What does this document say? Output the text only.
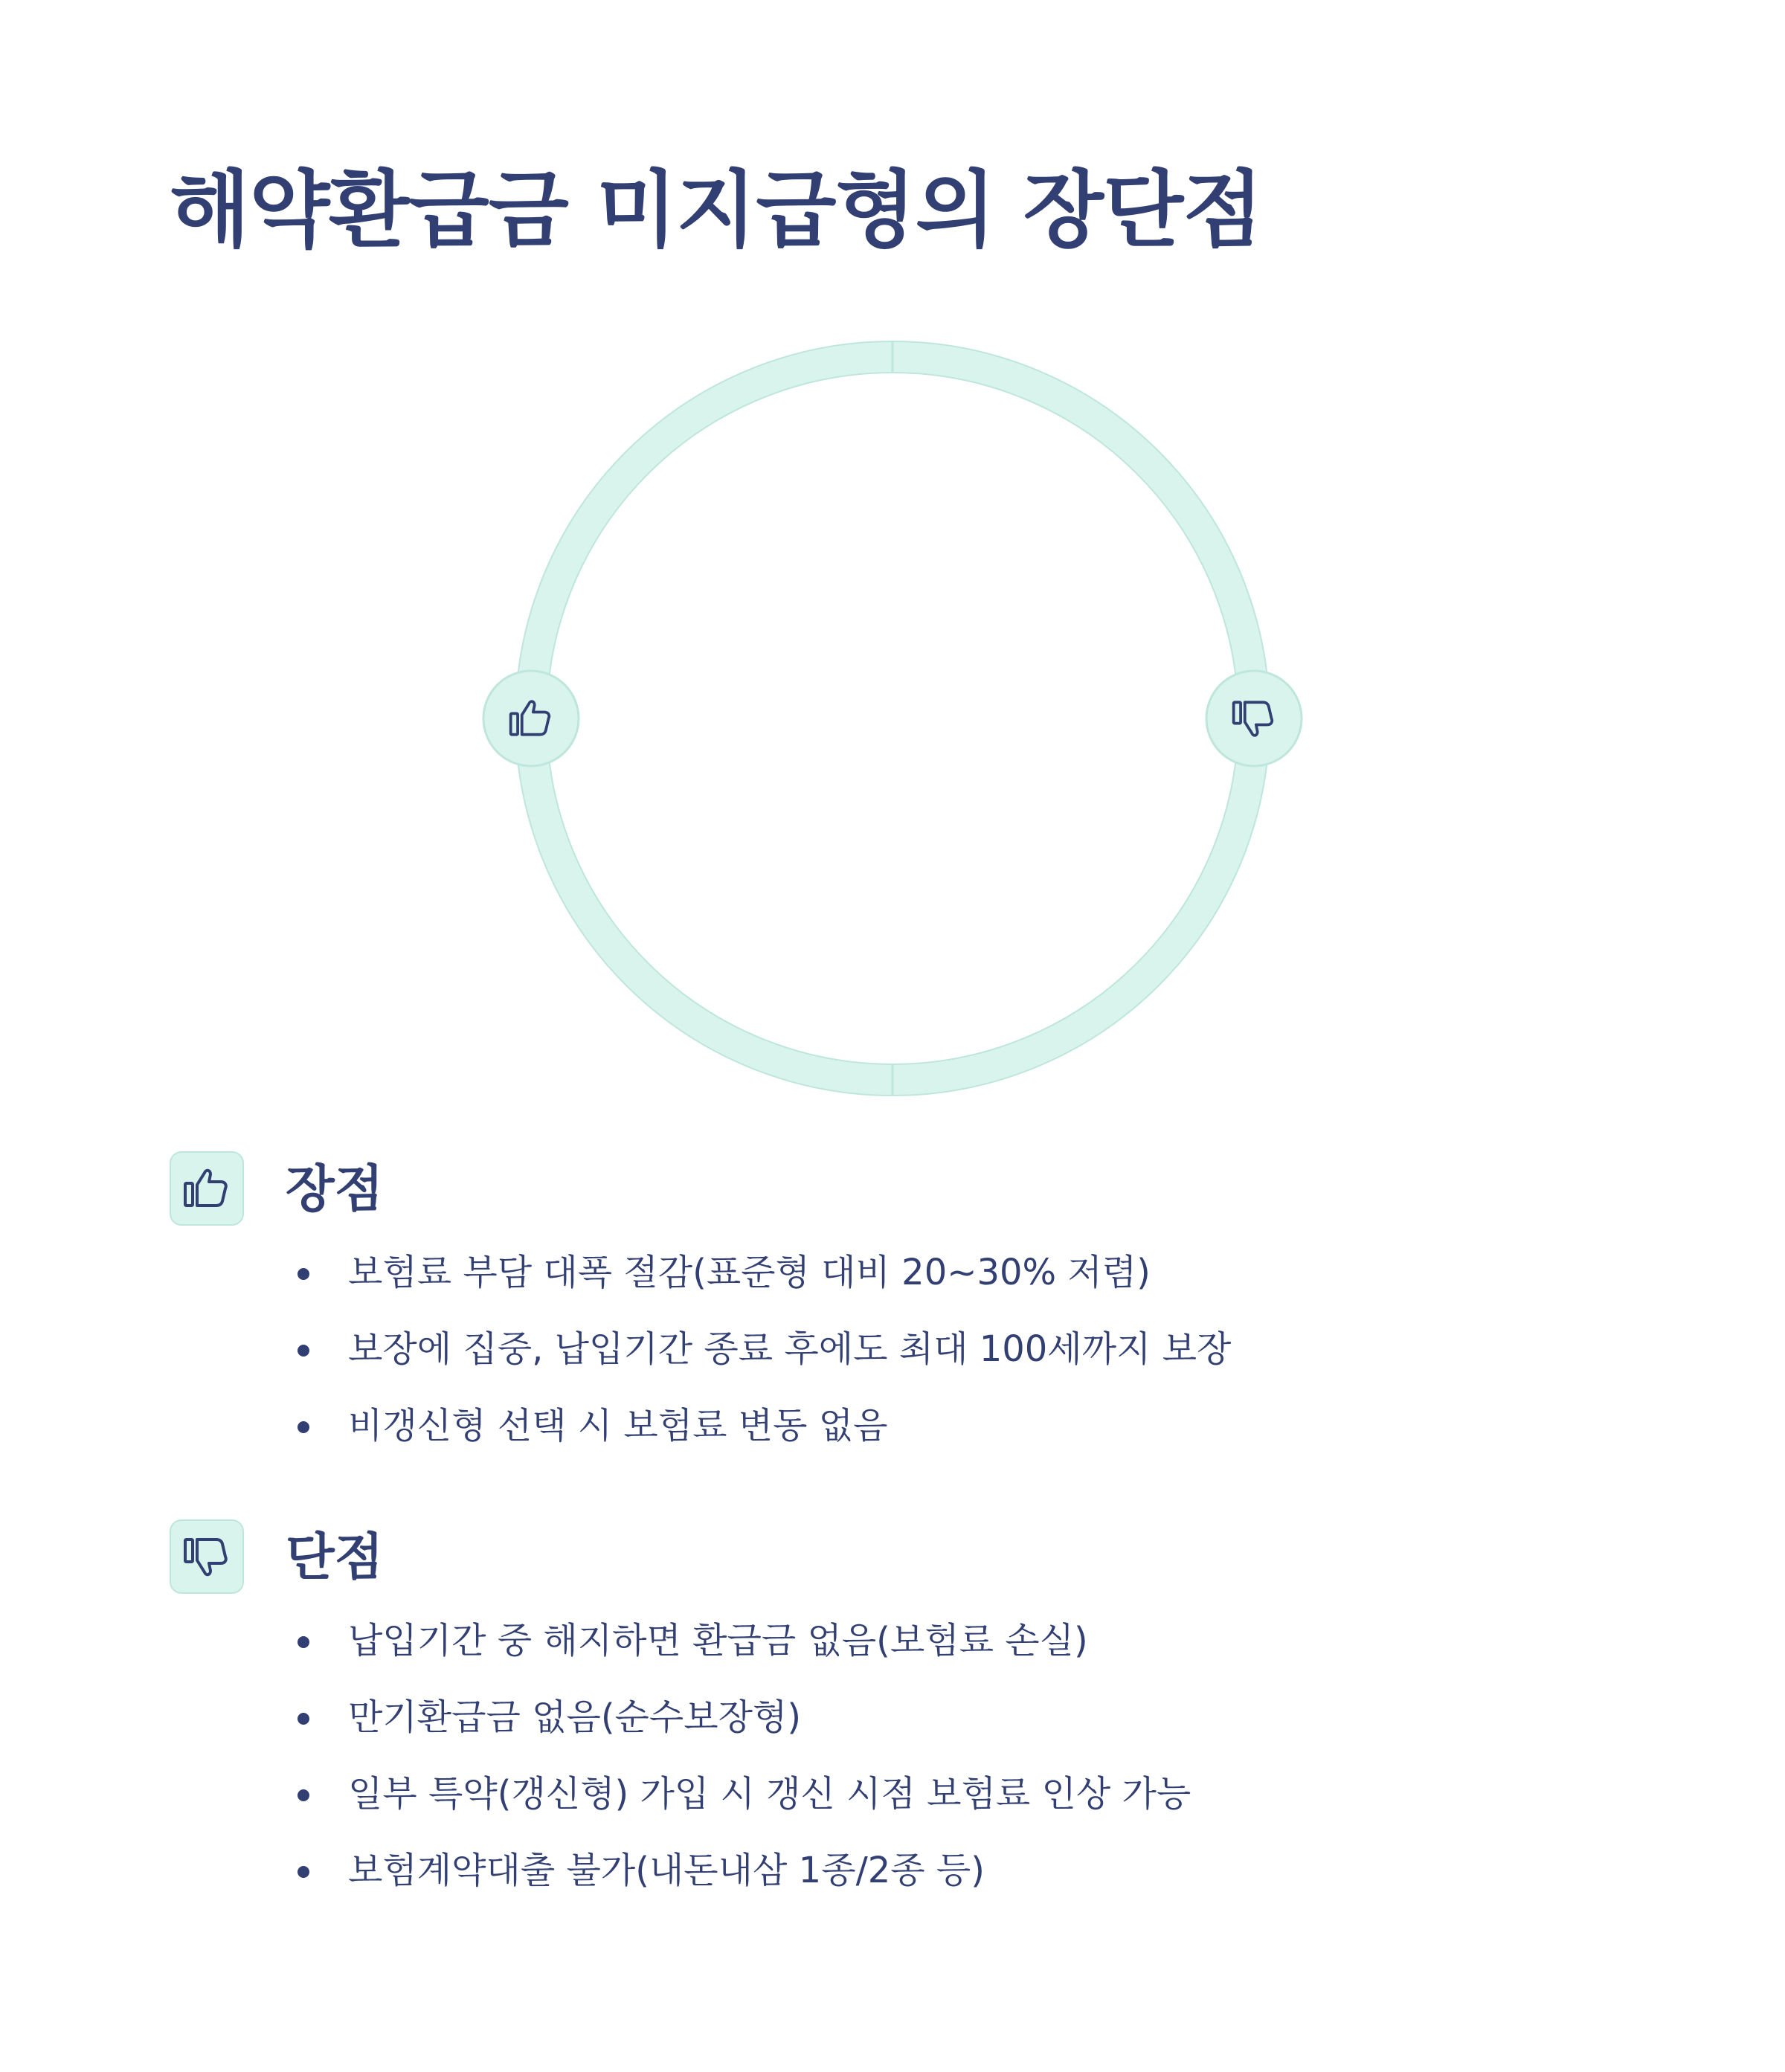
해약환급금 미지급형의 장단점
장점
보험료 부담 대폭 절감(표준형 대비 20~30% 저렴)
보장에 집중, 납입기간 종료 후에도 최대 100세까지 보장
비갱신형 선택 시 보험료 변동 없음
단점
납입기간 중 해지하면 환급금 없음(보험료 손실)
만기환급금 없음(순수보장형)
일부 특약(갱신형) 가입 시 갱신 시점 보험료 인상 가능
보험계약대출 불가(내돈내삼 1종/2종 등)
